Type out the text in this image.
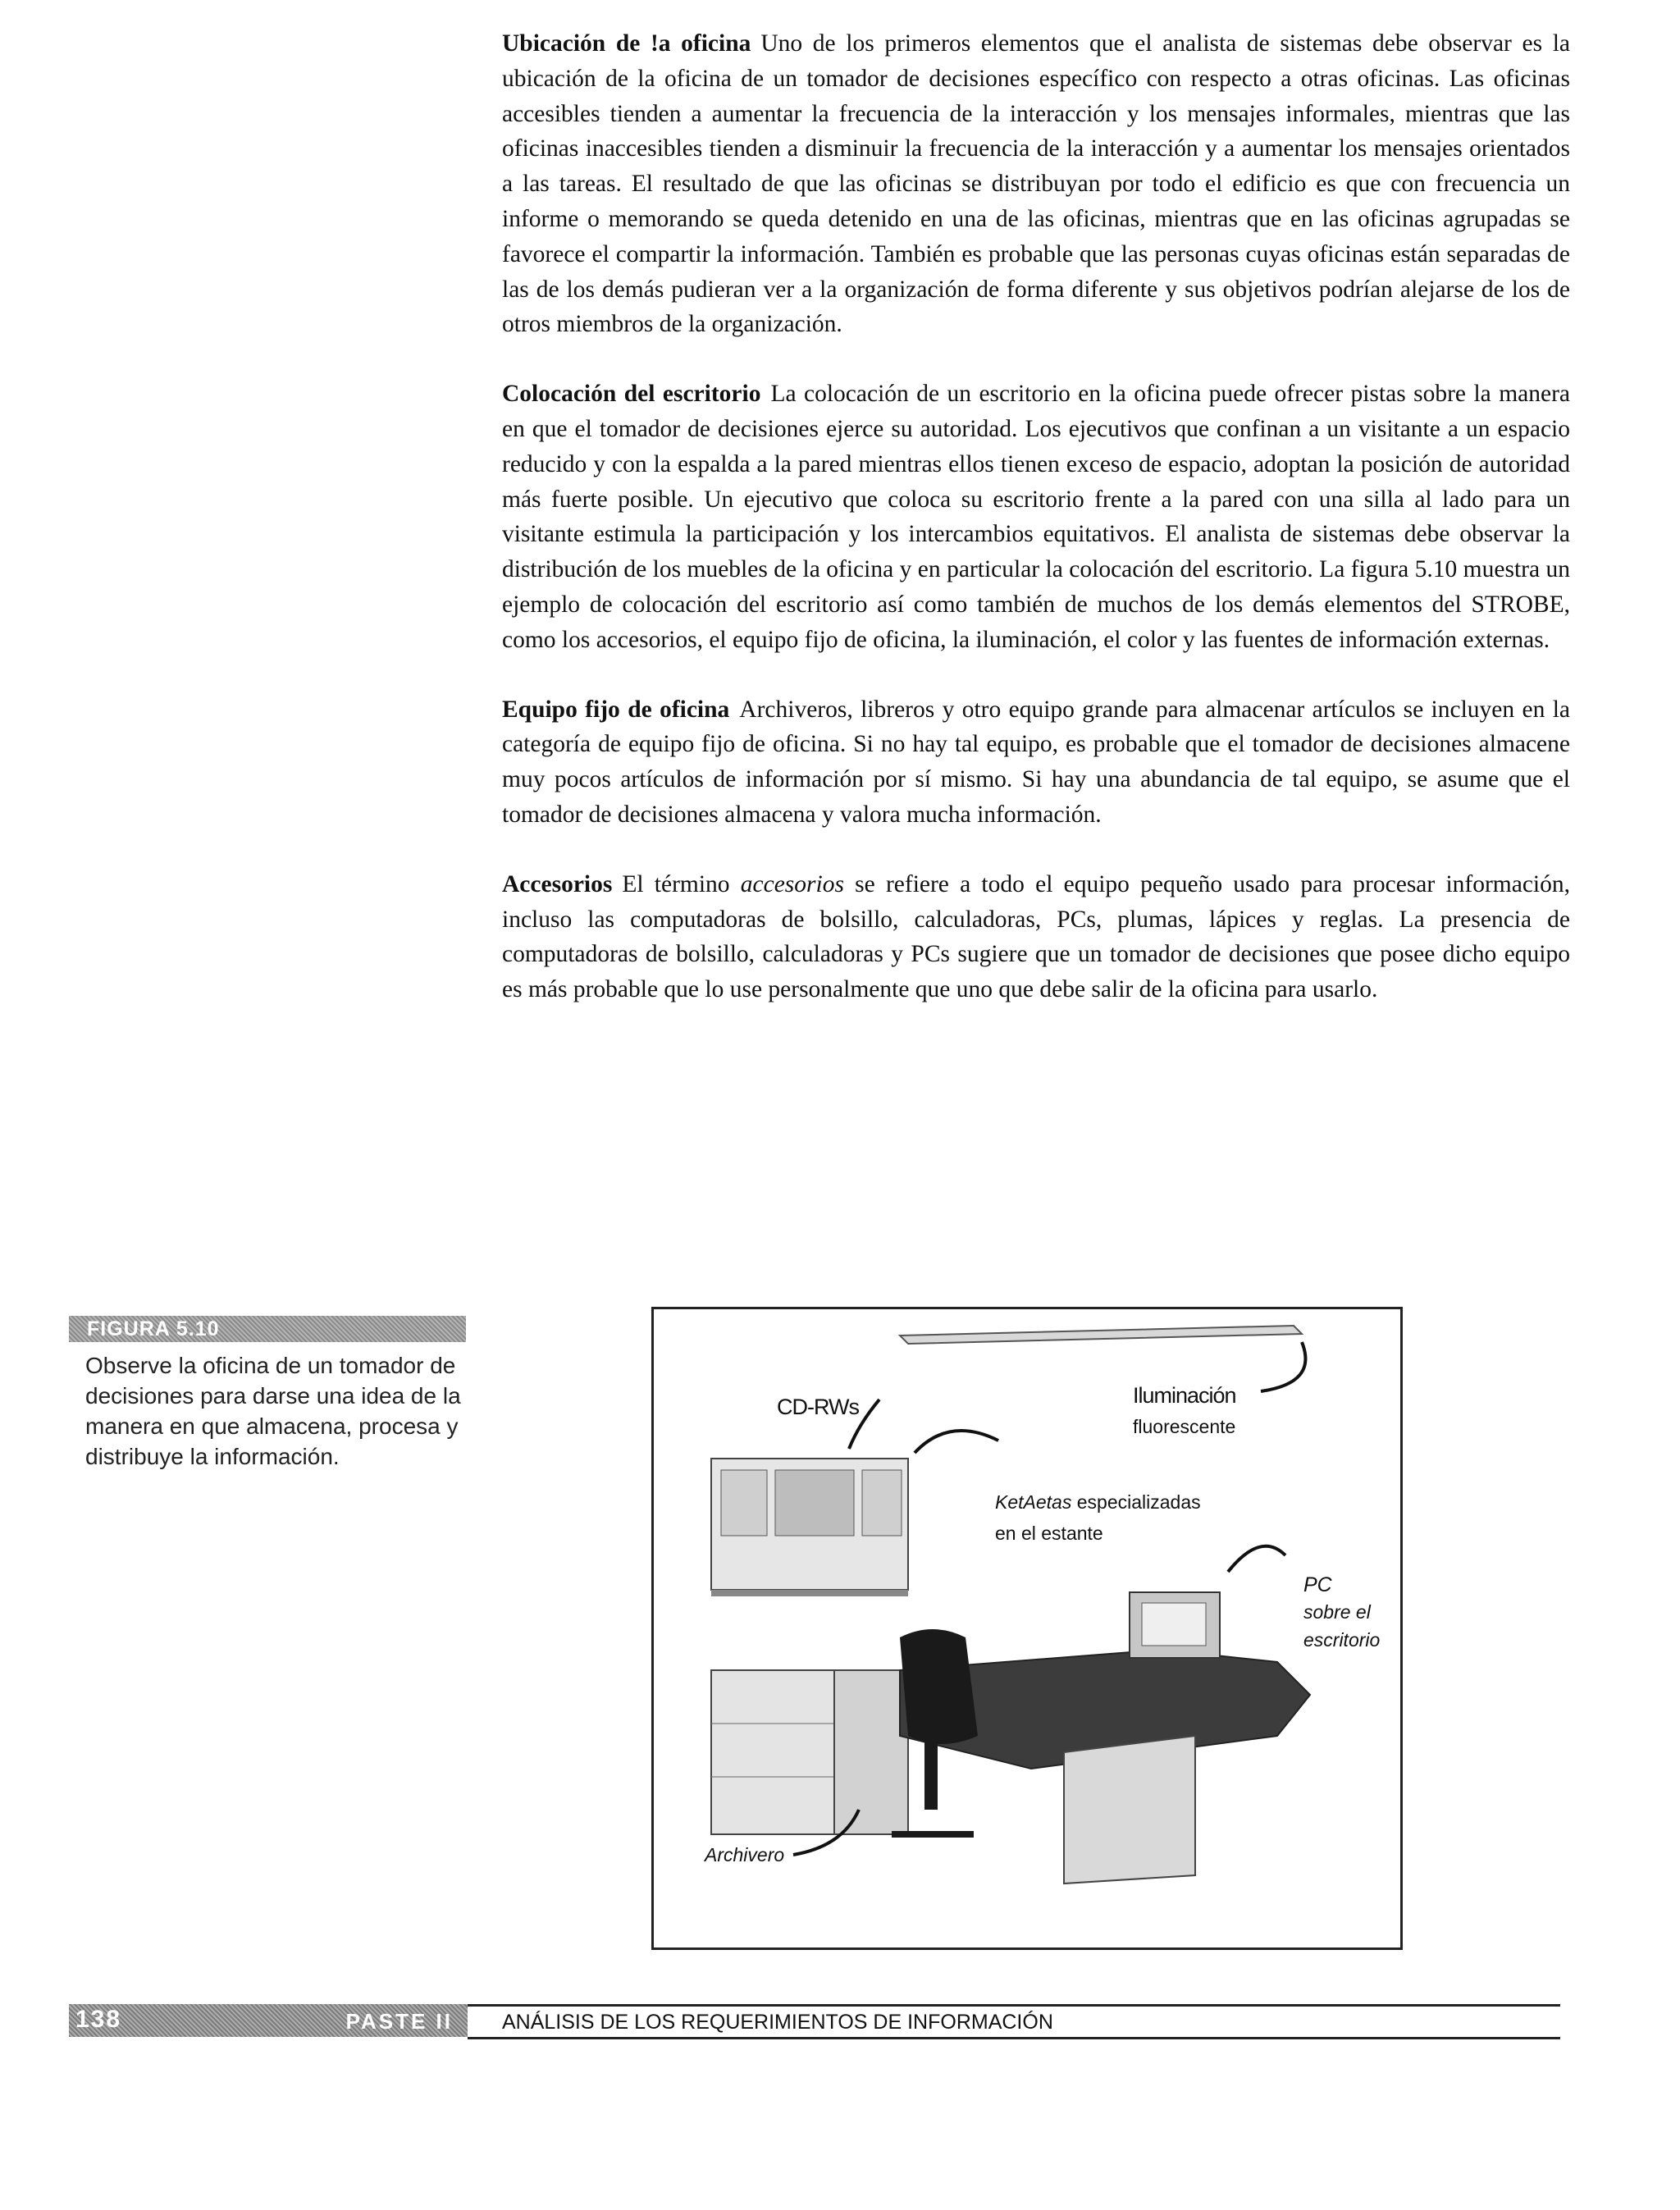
Ubicación de !a oficina Uno de los primeros elementos que el analista de sistemas debe observar es la ubicación de la oficina de un tomador de decisiones específico con respecto a otras oficinas. Las oficinas accesibles tienden a aumentar la frecuencia de la interacción y los mensajes informales, mientras que las oficinas inaccesibles tienden a disminuir la frecuencia de la interacción y a aumentar los mensajes orientados a las tareas. El resultado de que las oficinas se distribuyan por todo el edificio es que con frecuencia un informe o memorando se queda detenido en una de las oficinas, mientras que en las oficinas agrupadas se favorece el compartir la información. También es probable que las personas cuyas oficinas están separadas de las de los demás pudieran ver a la organización de forma diferente y sus objetivos podrían alejarse de los de otros miembros de la organización.

Colocación del escritorio La colocación de un escritorio en la oficina puede ofrecer pistas sobre la manera en que el tomador de decisiones ejerce su autoridad. Los ejecutivos que confinan a un visitante a un espacio reducido y con la espalda a la pared mientras ellos tienen exceso de espacio, adoptan la posición de autoridad más fuerte posible. Un ejecutivo que coloca su escritorio frente a la pared con una silla al lado para un visitante estimula la participación y los intercambios equitativos. El analista de sistemas debe observar la distribución de los muebles de la oficina y en particular la colocación del escritorio. La figura 5.10 muestra un ejemplo de colocación del escritorio así como también de muchos de los demás elementos del STROBE, como los accesorios, el equipo fijo de oficina, la iluminación, el color y las fuentes de información externas.

Equipo fijo de oficina Archiveros, libreros y otro equipo grande para almacenar artículos se incluyen en la categoría de equipo fijo de oficina. Si no hay tal equipo, es probable que el tomador de decisiones almacene muy pocos artículos de información por sí mismo. Si hay una abundancia de tal equipo, se asume que el tomador de decisiones almacena y valora mucha información.

Accesorios El término accesorios se refiere a todo el equipo pequeño usado para procesar información, incluso las computadoras de bolsillo, calculadoras, PCs, plumas, lápices y reglas. La presencia de computadoras de bolsillo, calculadoras y PCs sugiere que un tomador de decisiones que posee dicho equipo es más probable que lo use personalmente que uno que debe salir de la oficina para usarlo.

FIGURA 5.10
Observe la oficina de un tomador de decisiones para darse una idea de la manera en que almacena, procesa y distribuye la información.
CD-RWs	Iluminación
fluorescente
KetAetas especializadas
en el estante
PC
sobre el
escritorio
Archivero
138	PASTE II ANÁLISIS DE LOS REQUERIMIENTOS DE INFORMACIÓN
